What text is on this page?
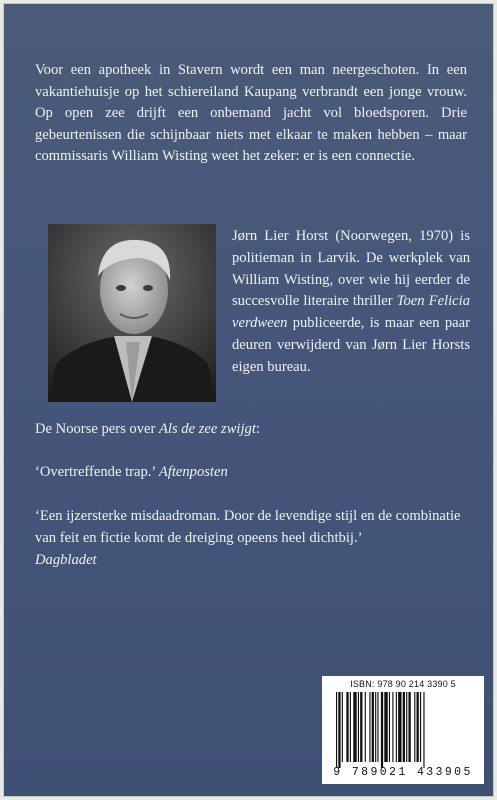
Voor een apotheek in Stavern wordt een man neergeschoten. In een vakantiehuisje op het schiereiland Kaupang verbrandt een jonge vrouw. Op open zee drijft een onbemand jacht vol bloedsporen. Drie gebeurtenissen die schijnbaar niets met elkaar te maken hebben – maar commissaris William Wisting weet het zeker: er is een connectie.

Jørn Lier Horst (Noorwegen, 1970) is politieman in Larvik. De werkplek van William Wisting, over wie hij eerder de succesvolle literaire thriller Toen Felicia verdween publiceerde, is maar een paar deuren verwijderd van Jørn Lier Horsts eigen bureau.

De Noorse pers over Als de zee zwijgt:

‘Overtreffende trap.’ Aftenposten

‘Een ijzersterke misdaadroman. Door de levendige stijl en de combinatie van feit en fictie komt de dreiging opeens heel dichtbij.’
Dagbladet

ISBN: 978 90 214 3390 5
9 789021 433905
